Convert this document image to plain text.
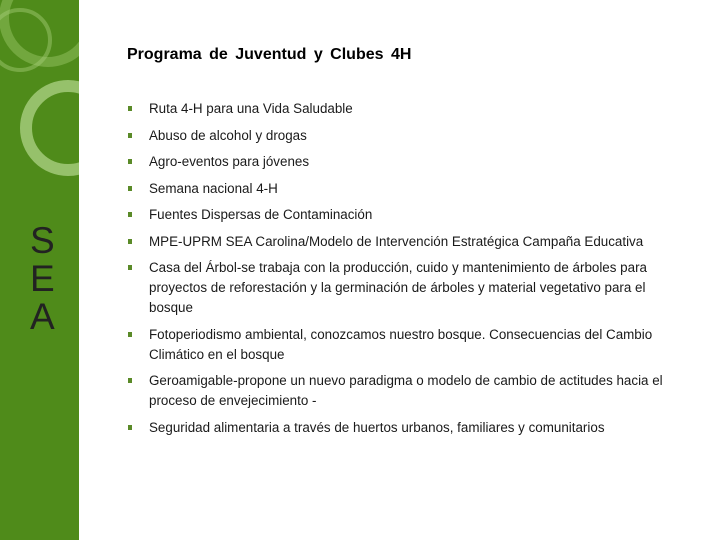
S
E
A
Programa de Juventud y Clubes 4H
Ruta 4-H para una Vida Saludable
Abuso de alcohol y drogas
Agro-eventos para jóvenes
Semana nacional 4-H
Fuentes Dispersas de Contaminación
MPE-UPRM SEA Carolina/Modelo de Intervención Estratégica Campaña Educativa
Casa del Árbol-se trabaja con la producción, cuido y mantenimiento de árboles para proyectos de reforestación y la germinación de árboles y material vegetativo para el bosque
Fotoperiodismo ambiental, conozcamos nuestro bosque. Consecuencias del Cambio Climático en el bosque
Geroamigable-propone un nuevo paradigma o modelo de cambio de actitudes hacia el proceso de envejecimiento -
Seguridad alimentaria a través de huertos urbanos, familiares y comunitarios
